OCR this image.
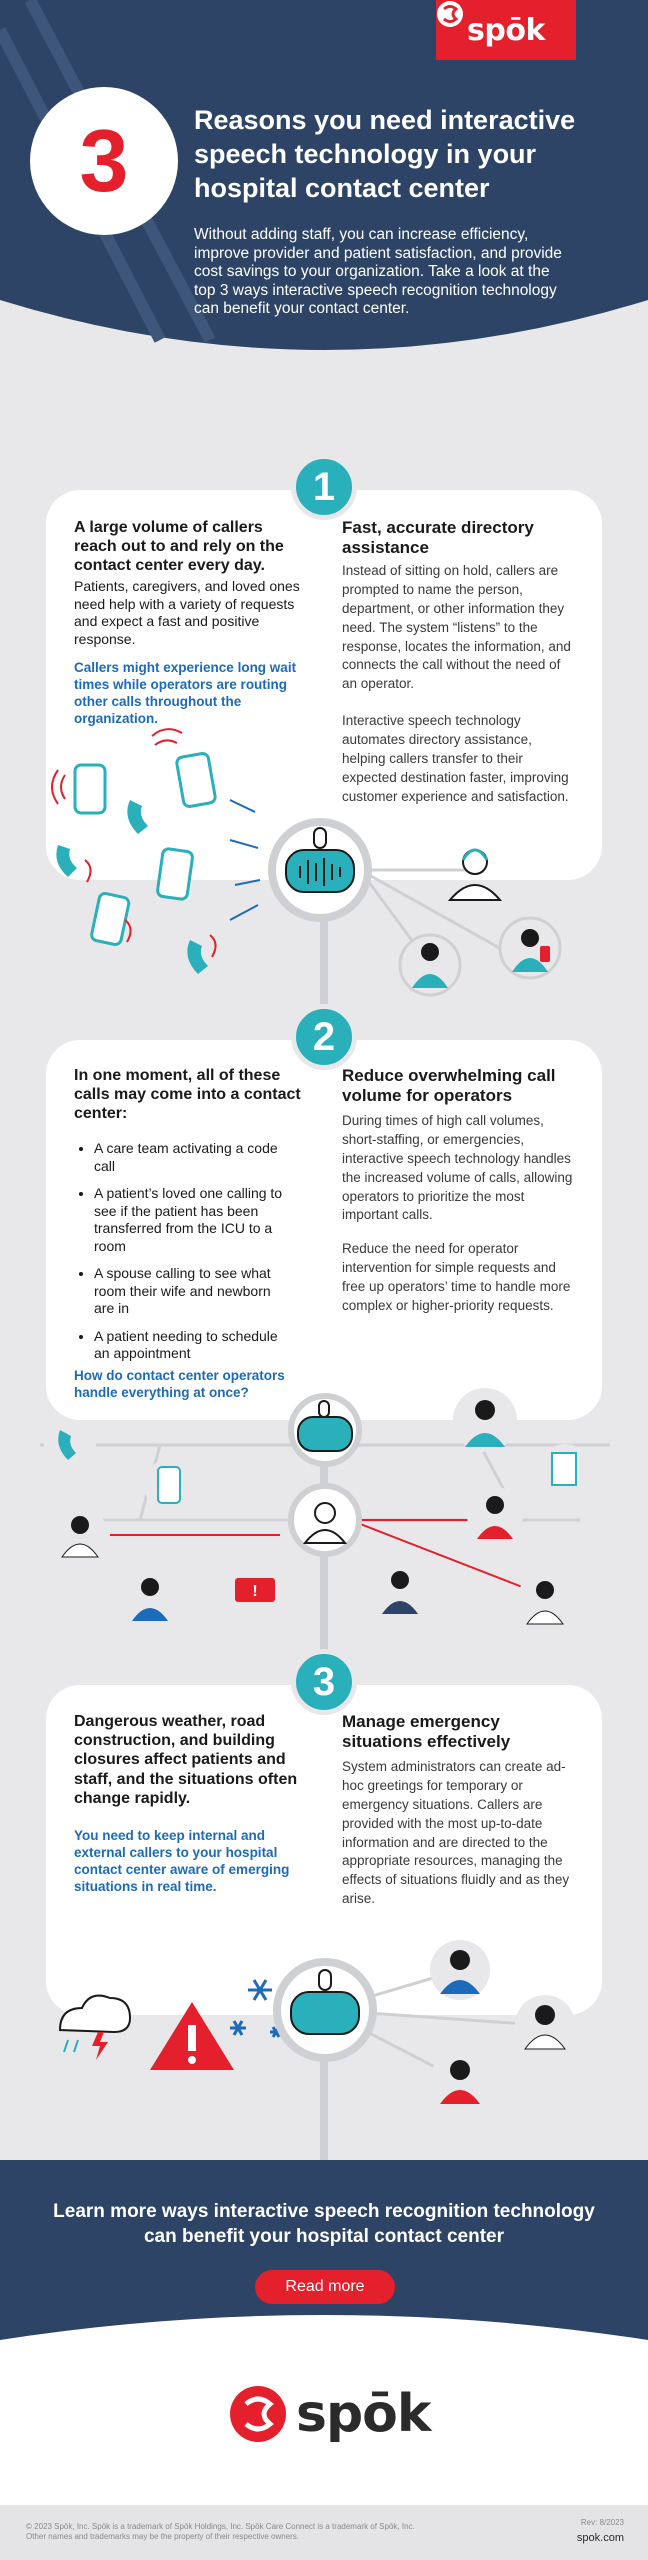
spōk
3 Reasons you need interactive speech technology in your hospital contact center
Without adding staff, you can increase efficiency, improve provider and patient satisfaction, and provide cost savings to your organization. Take a look at the top 3 ways interactive speech recognition technology can benefit your contact center.
1
A large volume of callers reach out to and rely on the contact center every day.
Patients, caregivers, and loved ones need help with a variety of requests and expect a fast and positive response.
Callers might experience long wait times while operators are routing other calls throughout the organization.
Fast, accurate directory assistance
Instead of sitting on hold, callers are prompted to name the person, department, or other information they need. The system “listens” to the response, locates the information, and connects the call without the need of an operator.
Interactive speech technology automates directory assistance, helping callers transfer to their expected destination faster, improving customer experience and satisfaction.
2
In one moment, all of these calls may come into a contact center:
• A care team activating a code call
• A patient’s loved one calling to see if the patient has been transferred from the ICU to a room
• A spouse calling to see what room their wife and newborn are in
• A patient needing to schedule an appointment
How do contact center operators handle everything at once?
Reduce overwhelming call volume for operators
During times of high call volumes, short-staffing, or emergencies, interactive speech technology handles the increased volume of calls, allowing operators to prioritize the most important calls.
Reduce the need for operator intervention for simple requests and free up operators’ time to handle more complex or higher-priority requests.
!
3
Dangerous weather, road construction, and building closures affect patients and staff, and the situations often change rapidly.
You need to keep internal and external callers to your hospital contact center aware of emerging situations in real time.
Manage emergency situations effectively
System administrators can create ad-hoc greetings for temporary or emergency situations. Callers are provided with the most up-to-date information and are directed to the appropriate resources, managing the effects of situations fluidly and as they arise.
Learn more ways interactive speech recognition technology can benefit your hospital contact center
Read more
spōk
© 2023 Spōk, Inc. Spōk is a trademark of Spōk Holdings, Inc. Spōk Care Connect is a trademark of Spōk, Inc.
Other names and trademarks may be the property of their respective owners.
Rev: 8/2023
spok.com
